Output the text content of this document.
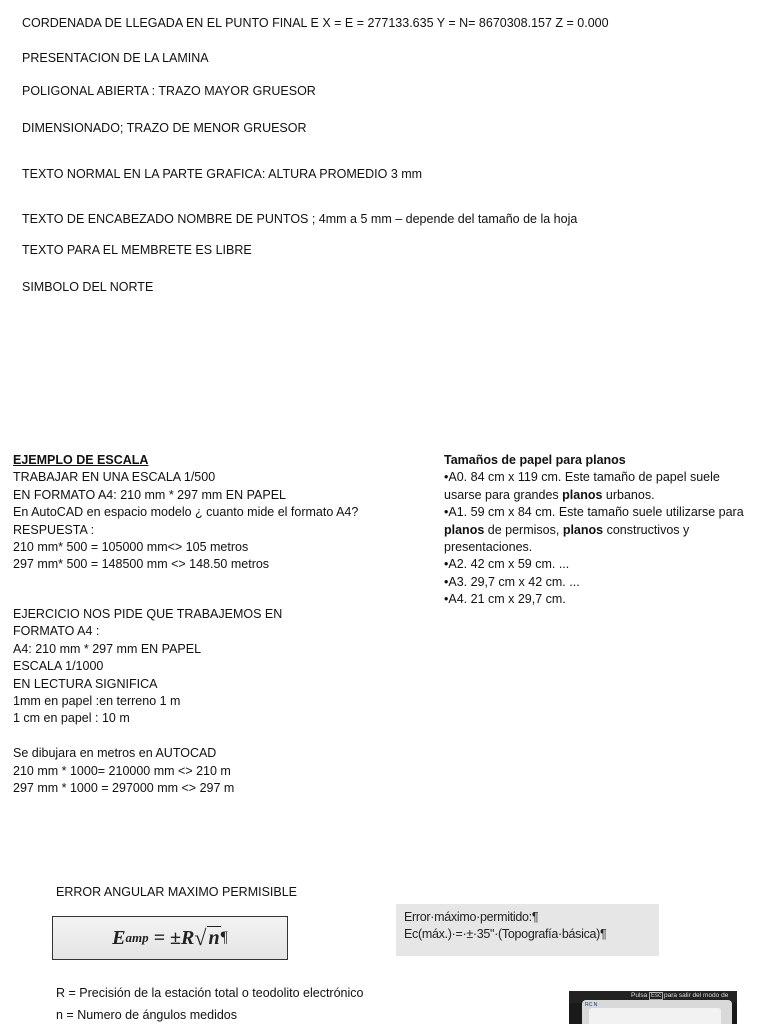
CORDENADA DE LLEGADA EN EL PUNTO FINAL E X = E = 277133.635 Y = N= 8670308.157 Z = 0.000
PRESENTACION DE LA LAMINA
POLIGONAL ABIERTA : TRAZO MAYOR GRUESOR
DIMENSIONADO; TRAZO DE MENOR GRUESOR
TEXTO NORMAL EN LA PARTE GRAFICA: ALTURA PROMEDIO 3 mm
TEXTO DE ENCABEZADO NOMBRE DE PUNTOS ; 4mm a 5 mm – depende del tamaño de la hoja
TEXTO PARA EL MEMBRETE ES LIBRE
SIMBOLO DEL NORTE
EJEMPLO DE ESCALA
TRABAJAR EN UNA ESCALA 1/500
EN FORMATO A4: 210 mm * 297 mm EN PAPEL
En AutoCAD en espacio modelo ¿ cuanto mide el formato A4?
RESPUESTA :
210 mm* 500 = 105000 mm<> 105 metros
297 mm* 500 = 148500 mm <> 148.50 metros
EJERCICIO NOS PIDE QUE TRABAJEMOS EN
FORMATO A4 :
A4: 210 mm * 297 mm EN PAPEL
ESCALA 1/1000
EN LECTURA SIGNIFICA
1mm en papel :en terreno 1 m
1 cm en papel : 10 m
Se dibujara en metros en AUTOCAD
210 mm * 1000= 210000 mm <> 210 m
297 mm * 1000 = 297000 mm <> 297 m
Tamaños de papel para planos
•A0. 84 cm x 119 cm. Este tamaño de papel suele usarse para grandes planos urbanos.
•A1. 59 cm x 84 cm. Este tamaño suele utilizarse para planos de permisos, planos constructivos y presentaciones.
•A2. 42 cm x 59 cm. ...
•A3. 29,7 cm x 42 cm. ...
•A4. 21 cm x 29,7 cm.
ERROR ANGULAR MAXIMO PERMISIBLE
E amp = ±R √ n ¶
Error·máximo·permitido:¶
Ec(máx.)·=·±·35"·(Topografía·básica)¶
R = Precisión de la estación total o teodolito electrónico
n = Numero de ángulos medidos
Pulsa Esc para salir del modo de
RC N
